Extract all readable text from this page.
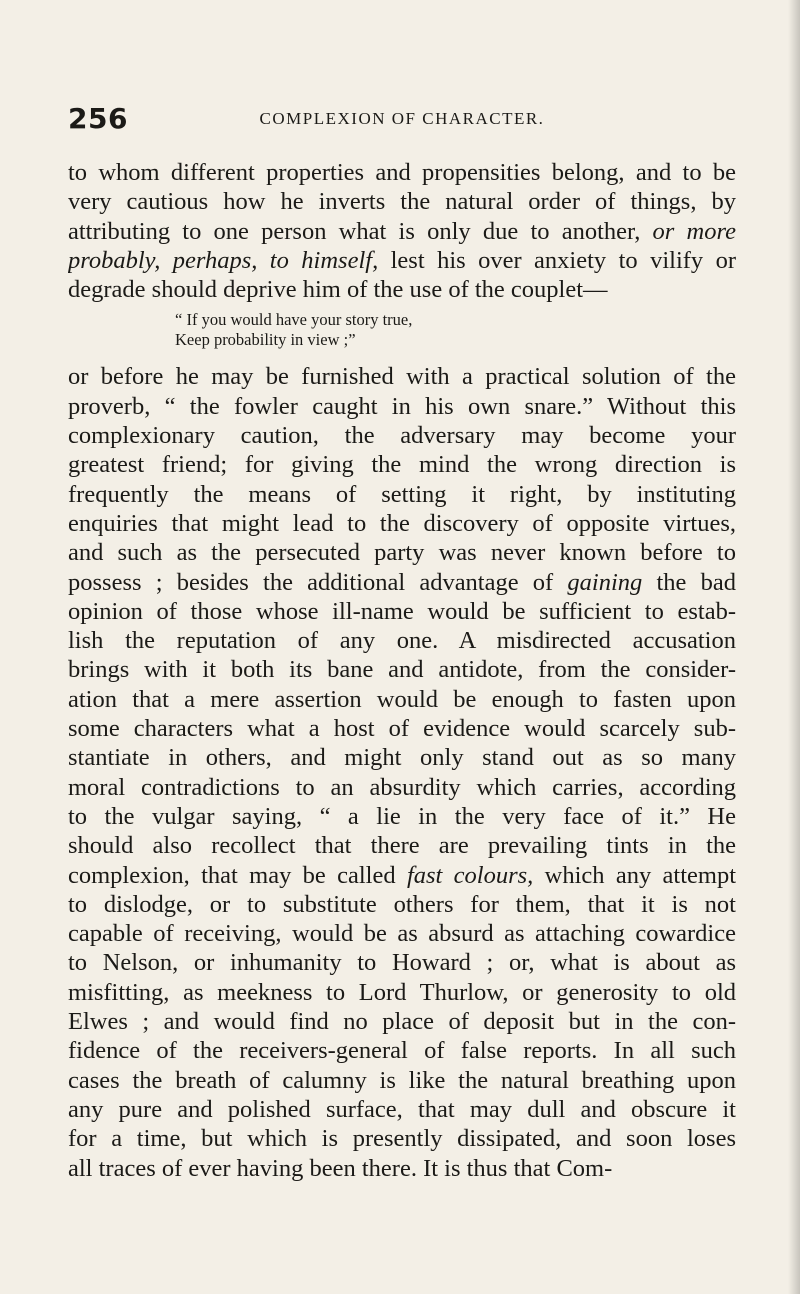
256	COMPLEXION OF CHARACTER.
to whom different properties and propensities belong, and to be
very cautious how he inverts the natural order of things, by
attributing to one person what is only due to another, or more
probably, perhaps, to himself, lest his over anxiety to vilify or
degrade should deprive him of the use of the couplet—
“ If you would have your story true,
Keep probability in view ;”
or before he may be furnished with a practical solution of the
proverb, “ the fowler caught in his own snare.” Without this
complexionary caution, the adversary may become your
greatest friend; for giving the mind the wrong direction is
frequently the means of setting it right, by instituting
enquiries that might lead to the discovery of opposite virtues,
and such as the persecuted party was never known before to
possess ; besides the additional advantage of gaining the bad
opinion of those whose ill-name would be sufficient to estab-
lish the reputation of any one. A misdirected accusation
brings with it both its bane and antidote, from the consider-
ation that a mere assertion would be enough to fasten upon
some characters what a host of evidence would scarcely sub-
stantiate in others, and might only stand out as so many
moral contradictions to an absurdity which carries, according
to the vulgar saying, “ a lie in the very face of it.” He
should also recollect that there are prevailing tints in the
complexion, that may be called fast colours, which any attempt
to dislodge, or to substitute others for them, that it is not
capable of receiving, would be as absurd as attaching cowardice
to Nelson, or inhumanity to Howard ; or, what is about as
misfitting, as meekness to Lord Thurlow, or generosity to old
Elwes ; and would find no place of deposit but in the con-
fidence of the receivers-general of false reports. In all such
cases the breath of calumny is like the natural breathing upon
any pure and polished surface, that may dull and obscure it
for a time, but which is presently dissipated, and soon loses
all traces of ever having been there. It is thus that Com-
